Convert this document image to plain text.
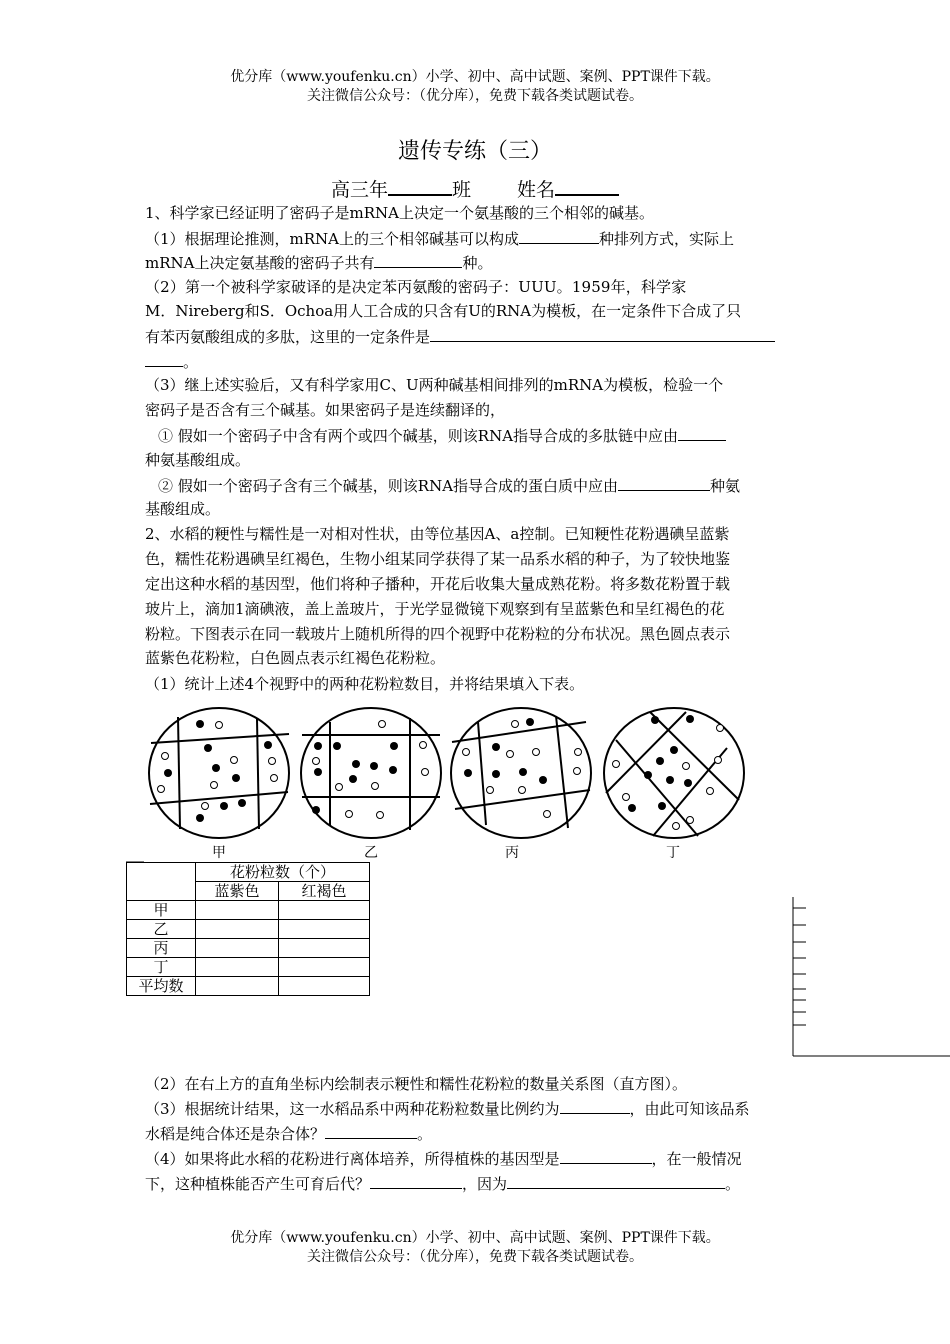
优分库（www.youfenku.cn）小学、初中、高中试题、案例、PPT课件下载。
关注微信公众号：（优分库），免费下载各类试题试卷。
遗传专练（三）
高三年	班 姓名
1、科学家已经证明了密码子是mRNA上决定一个氨基酸的三个相邻的碱基。
（1）根据理论推测，mRNA上的三个相邻碱基可以构成	种排列方式，实际上
mRNA上决定氨基酸的密码子共有	种。
（2）第一个被科学家破译的是决定苯丙氨酸的密码子：UUU。1959年，科学家
M．Nireberg和S．Ochoa用人工合成的只含有U的RNA为模板，在一定条件下合成了只
有苯丙氨酸组成的多肽，这里的一定条件是
。
（3）继上述实验后，又有科学家用C、U两种碱基相间排列的mRNA为模板，检验一个
密码子是否含有三个碱基。如果密码子是连续翻译的，
① 假如一个密码子中含有两个或四个碱基，则该RNA指导合成的多肽链中应由
种氨基酸组成。
② 假如一个密码子含有三个碱基，则该RNA指导合成的蛋白质中应由	种氨
基酸组成。
2、水稻的粳性与糯性是一对相对性状，由等位基因A、a控制。已知粳性花粉遇碘呈蓝紫
色，糯性花粉遇碘呈红褐色，生物小组某同学获得了某一品系水稻的种子，为了较快地鉴
定出这种水稻的基因型，他们将种子播种，开花后收集大量成熟花粉。将多数花粉置于载
玻片上，滴加1滴碘液，盖上盖玻片，于光学显微镜下观察到有呈蓝紫色和呈红褐色的花
粉粒。下图表示在同一载玻片上随机所得的四个视野中花粉粒的分布状况。黑色圆点表示
蓝紫色花粉粒，白色圆点表示红褐色花粉粒。
（1）统计上述4个视野中的两种花粉粒数目，并将结果填入下表。
甲	乙	丙	丁
	花粉粒数（个）	
	蓝紫色	红褐色
甲		
乙		
丙		
丁		
平均数		
（2）在右上方的直角坐标内绘制表示粳性和糯性花粉粒的数量关系图（直方图）。
（3）根据统计结果，这一水稻品系中两种花粉粒数量比例约为	，由此可知该品系
水稻是纯合体还是杂合体？	。
（4）如果将此水稻的花粉进行离体培养，所得植株的基因型是	，在一般情况
下，这种植株能否产生可育后代？	，因为	。
优分库（www.youfenku.cn）小学、初中、高中试题、案例、PPT课件下载。
关注微信公众号：（优分库），免费下载各类试题试卷。
